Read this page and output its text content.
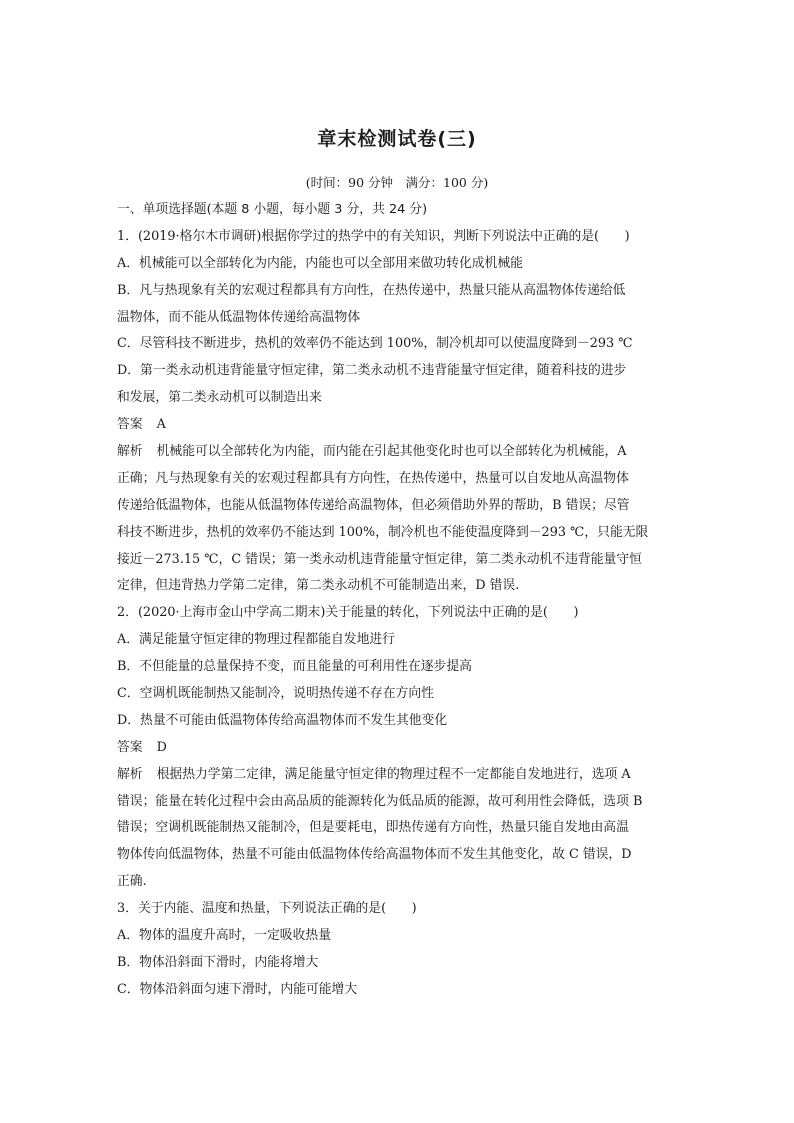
章末检测试卷(三)
(时间：90 分钟　满分：100 分)
一、单项选择题(本题 8 小题，每小题 3 分，共 24 分)
1．(2019·格尔木市调研)根据你学过的热学中的有关知识，判断下列说法中正确的是(　　)
A．机械能可以全部转化为内能，内能也可以全部用来做功转化成机械能
B．凡与热现象有关的宏观过程都具有方向性，在热传递中，热量只能从高温物体传递给低
温物体，而不能从低温物体传递给高温物体
C．尽管科技不断进步，热机的效率仍不能达到 100%，制冷机却可以使温度降到－293 ℃
D．第一类永动机违背能量守恒定律，第二类永动机不违背能量守恒定律，随着科技的进步
和发展，第二类永动机可以制造出来
答案 A
解析 机械能可以全部转化为内能，而内能在引起其他变化时也可以全部转化为机械能，A
正确；凡与热现象有关的宏观过程都具有方向性，在热传递中，热量可以自发地从高温物体
传递给低温物体，也能从低温物体传递给高温物体，但必须借助外界的帮助，B 错误；尽管
科技不断进步，热机的效率仍不能达到 100%，制冷机也不能使温度降到－293 ℃，只能无限
接近－273.15 ℃，C 错误；第一类永动机违背能量守恒定律，第二类永动机不违背能量守恒
定律，但违背热力学第二定律，第二类永动机不可能制造出来，D 错误.
2．(2020·上海市金山中学高二期末)关于能量的转化，下列说法中正确的是(　　)
A．满足能量守恒定律的物理过程都能自发地进行
B．不但能量的总量保持不变，而且能量的可利用性在逐步提高
C．空调机既能制热又能制冷，说明热传递不存在方向性
D．热量不可能由低温物体传给高温物体而不发生其他变化
答案 D
解析 根据热力学第二定律，满足能量守恒定律的物理过程不一定都能自发地进行，选项 A
错误；能量在转化过程中会由高品质的能源转化为低品质的能源，故可利用性会降低，选项 B
错误；空调机既能制热又能制冷，但是要耗电，即热传递有方向性，热量只能自发地由高温
物体传向低温物体，热量不可能由低温物体传给高温物体而不发生其他变化，故 C 错误，D
正确.
3．关于内能、温度和热量，下列说法正确的是(　　)
A．物体的温度升高时，一定吸收热量
B．物体沿斜面下滑时，内能将增大
C．物体沿斜面匀速下滑时，内能可能增大
